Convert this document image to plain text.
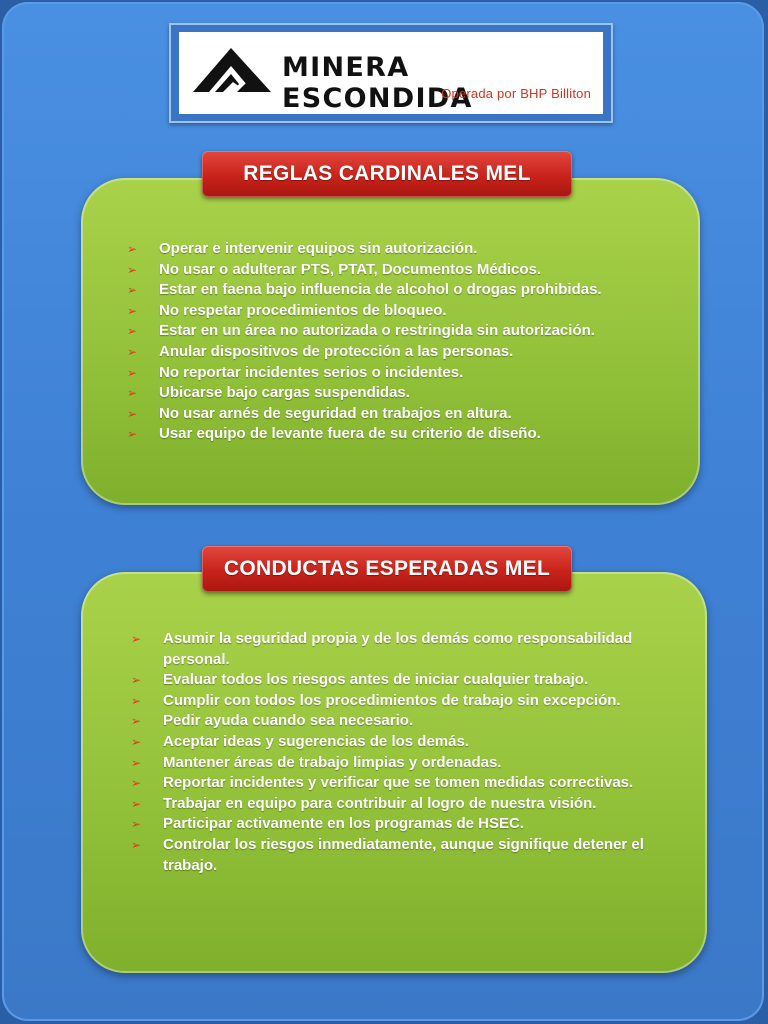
MINERA ESCONDIDA
Operada por BHP Billiton
REGLAS CARDINALES MEL
➢ Operar e intervenir equipos sin autorización.
➢ No usar o adulterar PTS, PTAT, Documentos Médicos.
➢ Estar en faena bajo influencia de alcohol o drogas prohibidas.
➢ No respetar procedimientos de bloqueo.
➢ Estar en un área no autorizada o restringida sin autorización.
➢ Anular dispositivos de protección a las personas.
➢ No reportar incidentes serios o incidentes.
➢ Ubicarse bajo cargas suspendidas.
➢ No usar arnés de seguridad en trabajos en altura.
➢ Usar equipo de levante fuera de su criterio de diseño.
CONDUCTAS ESPERADAS MEL
➢ Asumir la seguridad propia y de los demás como responsabilidad personal.
➢ Evaluar todos los riesgos antes de iniciar cualquier trabajo.
➢ Cumplir con todos los procedimientos de trabajo sin excepción.
➢ Pedir ayuda cuando sea necesario.
➢ Aceptar ideas y sugerencias de los demás.
➢ Mantener áreas de trabajo limpias y ordenadas.
➢ Reportar incidentes y verificar que se tomen medidas correctivas.
➢ Trabajar en equipo para contribuir al logro de nuestra visión.
➢ Participar activamente en los programas de HSEC.
➢ Controlar los riesgos inmediatamente, aunque signifique detener el trabajo.
